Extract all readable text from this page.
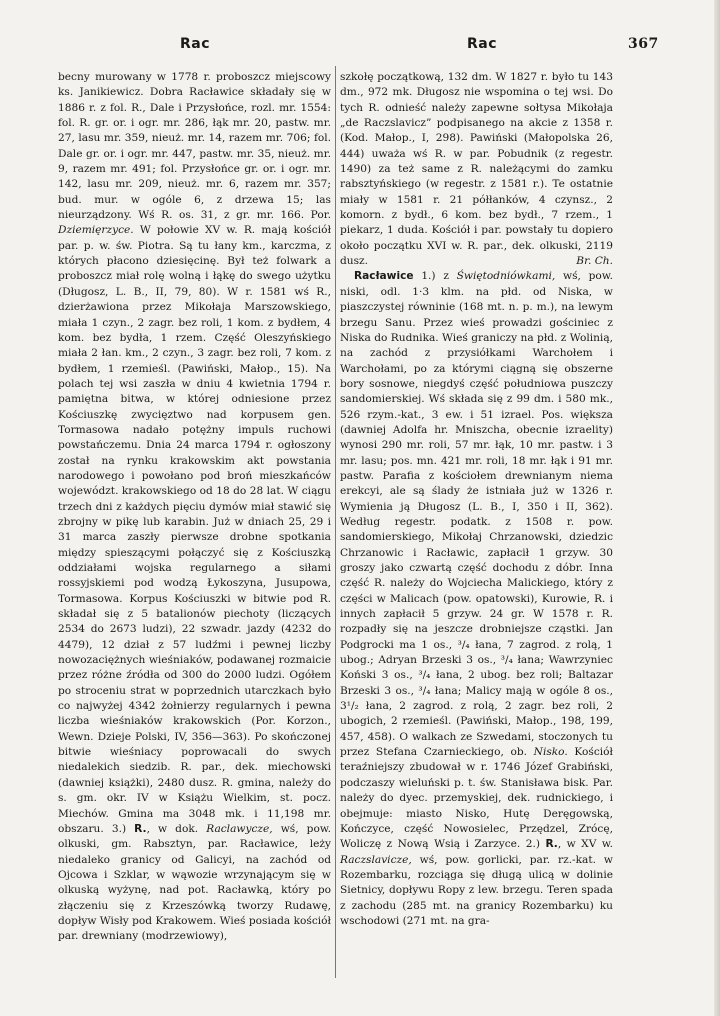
Rac	Rac	367

becny murowany w 1778 r. proboszcz miejscowy ks. Janikiewicz. Dobra Racławice składały się w 1886 r. z fol. R., Dale i Przysłońce, rozl. mr. 1554: fol. R. gr. or. i ogr. mr. 286, łąk mr. 20, pastw. mr. 27, lasu mr. 359, nieuż. mr. 14, razem mr. 706; fol. Dale gr. or. i ogr. mr. 447, pastw. mr. 35, nieuż. mr. 9, razem mr. 491; fol. Przysłońce gr. or. i ogr. mr. 142, lasu mr. 209, nieuż. mr. 6, razem mr. 357; bud. mur. w ogóle 6, z drzewa 15; las nieurządzony. Wś R. os. 31, z gr. mr. 166. Por. Dziemięrzyce. W połowie XV w. R. mają kościół par. p. w. św. Piotra. Są tu łany km., karczma, z których płacono dziesięcinę. Był też folwark a proboszcz miał rolę wolną i łąkę do swego użytku (Długosz, L. B., II, 79, 80). W r. 1581 wś R., dzierżawiona przez Mikołaja Marszowskiego, miała 1 czyn., 2 zagr. bez roli, 1 kom. z bydłem, 4 kom. bez bydła, 1 rzem. Część Oleszyńskiego miała 2 łan. km., 2 czyn., 3 zagr. bez roli, 7 kom. z bydłem, 1 rzemieśl. (Pawiński, Małop., 15). Na polach tej wsi zaszła w dniu 4 kwietnia 1794 r. pamiętna bitwa, w której odniesione przez Kościuszkę zwycięztwo nad korpusem gen. Tormasowa nadało potężny impuls ruchowi powstańczemu. Dnia 24 marca 1794 r. ogłoszony został na rynku krakowskim akt powstania narodowego i powołano pod broń mieszkańców województ. krakowskiego od 18 do 28 lat. W ciągu trzech dni z każdych pięciu dymów miał stawić się zbrojny w pikę lub karabin. Już w dniach 25, 29 i 31 marca zaszły pierwsze drobne spotkania między spieszącymi połączyć się z Kościuszką oddziałami wojska regularnego a siłami rossyjskiemi pod wodzą Łykoszyna, Jusupowa, Tormasowa. Korpus Kościuszki w bitwie pod R. składał się z 5 batalionów piechoty (liczących 2534 do 2673 ludzi), 22 szwadr. jazdy (4232 do 4479), 12 dział z 57 ludźmi i pewnej liczby nowozaciężnych wieśniaków, podawanej rozmaicie przez różne źródła od 300 do 2000 ludzi. Ogółem po stroceniu strat w poprzednich utarczkach było co najwyżej 4342 żołnierzy regularnych i pewna liczba wieśniaków krakowskich (Por. Korzon., Wewn. Dzieje Polski, IV, 356—363). Po skończonej bitwie wieśniacy poprowacali do swych niedalekich siedzib. R. par., dek. miechowski (dawniej książki), 2480 dusz. R. gmina, należy do s. gm. okr. IV w Książu Wielkim, st. pocz. Miechów. Gmina ma 3048 mk. i 11,198 mr. obszaru. 3.) R., w dok. Raclawycze, wś, pow. olkuski, gm. Rabsztyn, par. Racławice, leży niedaleko granicy od Galicyi, na zachód od Ojcowa i Szklar, w wąwozie wrzynającym się w olkuską wyżynę, nad pot. Racławką, który po złączeniu się z Krzeszówką tworzy Rudawę, dopływ Wisły pod Krakowem. Wieś posiada kościół par. drewniany (modrzewiowy),

szkołę początkową, 132 dm. W 1827 r. było tu 143 dm., 972 mk. Długosz nie wspomina o tej wsi. Do tych R. odnieść należy zapewne sołtysa Mikołaja „de Raczslavicz” podpisanego na akcie z 1358 r. (Kod. Małop., I, 298). Pawiński (Małopolska 26, 444) uważa wś R. w par. Pobudnik (z regestr. 1490) za też same z R. należącymi do zamku rabsztyńskiego (w regestr. z 1581 r.). Te ostatnie miały w 1581 r. 21 półłanków, 4 czynsz., 2 komorn. z bydł., 6 kom. bez bydł., 7 rzem., 1 piekarz, 1 duda. Kościół i par. powstały tu dopiero około początku XVI w. R. par., dek. olkuski, 2119 dusz.	Br. Ch.

Racławice 1.) z Świętodniówkami, wś, pow. niski, odl. 1·3 klm. na płd. od Niska, w piaszczystej równinie (168 mt. n. p. m.), na lewym brzegu Sanu. Przez wieś prowadzi gościniec z Niska do Rudnika. Wieś graniczy na płd. z Wolinią, na zachód z przysiółkami Warchołem i Warchołami, po za którymi ciągną się obszerne bory sosnowe, niegdyś część południowa puszczy sandomierskiej. Wś składa się z 99 dm. i 580 mk., 526 rzym.-kat., 3 ew. i 51 izrael. Pos. większa (dawniej Adolfa hr. Mniszcha, obecnie izraelity) wynosi 290 mr. roli, 57 mr. łąk, 10 mr. pastw. i 3 mr. lasu; pos. mn. 421 mr. roli, 18 mr. łąk i 91 mr. pastw. Parafia z kościołem drewnianym niema erekcyi, ale są ślady że istniała już w 1326 r. Wymienia ją Długosz (L. B., I, 350 i II, 362). Według regestr. podatk. z 1508 r. pow. sandomierskiego, Mikołaj Chrzanowski, dziedzic Chrzanowic i Racławic, zapłacił 1 grzyw. 30 groszy jako czwartą część dochodu z dóbr. Inna część R. należy do Wojciecha Malickiego, który z części w Malicach (pow. opatowski), Kurowie, R. i innych zapłacił 5 grzyw. 24 gr. W 1578 r. R. rozpadły się na jeszcze drobniejsze cząstki. Jan Podgrocki ma 1 os., ³/₄ łana, 7 zagrod. z rolą, 1 ubog.; Adryan Brzeski 3 os., ³/₄ łana; Wawrzyniec Koński 3 os., ³/₄ łana, 2 ubog. bez roli; Baltazar Brzeski 3 os., ³/₄ łana; Malicy mają w ogóle 8 os., 3¹/₂ łana, 2 zagrod. z rolą, 2 zagr. bez roli, 2 ubogich, 2 rzemieśl. (Pawiński, Małop., 198, 199, 457, 458). O walkach ze Szwedami, stoczonych tu przez Stefana Czarnieckiego, ob. Nisko. Kościół teraźniejszy zbudował w r. 1746 Józef Grabiński, podczaszy wieluński p. t. św. Stanisława bisk. Par. należy do dyec. przemyskiej, dek. rudnickiego, i obejmuje: miasto Nisko, Hutę Deręgowską, Kończyce, część Nowosielec, Przędzel, Zrócę, Woliczę z Nową Wsią i Zarzyce. 2.) R., w XV w. Raczslavicze, wś, pow. gorlicki, par. rz.-kat. w Rozembarku, rozciąga się długą ulicą w dolinie Sietnicy, dopływu Ropy z lew. brzegu. Teren spada z zachodu (285 mt. na granicy Rozembarku) ku wschodowi (271 mt. na gra-
